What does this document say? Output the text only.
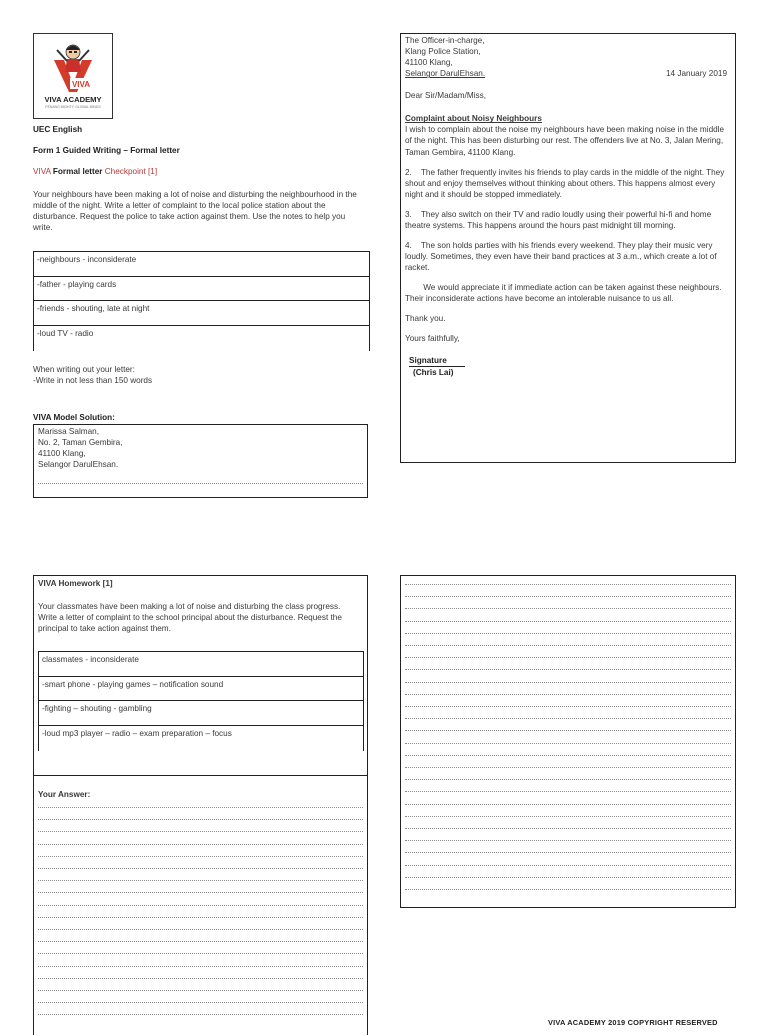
VIVA
VIVA ACADEMY
PENANG MIGHTY, GLOBAL MINDS
UEC English
Form 1 Guided Writing – Formal letter
VIVA Formal letter Checkpoint [1]
Your neighbours have been making a lot of noise and disturbing the neighbourhood in the middle of the night. Write a letter of complaint to the local police station about the disturbance. Request the police to take action against them. Use the notes to help you write.
-neighbours - inconsiderate
-father - playing cards
-friends - shouting, late at night
-loud TV - radio
When writing out your letter:
-Write in not less than 150 words
VIVA Model Solution:
Marissa Salman,
No. 2, Taman Gembira,
41100 Klang,
Selangor DarulEhsan.
The Officer-in-charge,
Klang Police Station,
41100 Klang,
Selangor DarulEhsan.	14 January 2019
Dear Sir/Madam/Miss,
Complaint about Noisy Neighbours
I wish to complain about the noise my neighbours have been making noise in the middle of the night. This has been disturbing our rest. The offenders live at No. 3, Jalan Mering, Taman Gembira, 41100 Klang.
2.    The father frequently invites his friends to play cards in the middle of the night. They shout and enjoy themselves without thinking about others. This happens almost every night and it should be stopped immediately.
3.    They also switch on their TV and radio loudly using their powerful hi-fi and home theatre systems. This happens around the hours past midnight till morning.
4.    The son holds parties with his friends every weekend. They play their music very loudly. Sometimes, they even have their band practices at 3 a.m., which create a lot of racket.
We would appreciate it if immediate action can be taken against these neighbours. Their inconsiderate actions have become an intolerable nuisance to us all.
Thank you.
Yours faithfully,
Signature
(Chris Lai)
VIVA Homework [1]
Your classmates have been making a lot of noise and disturbing the class progress. Write a letter of complaint to the school principal about the disturbance. Request the principal to take action against them.
classmates - inconsiderate
-smart phone - playing games – notification sound
-fighting – shouting - gambling
-loud mp3 player – radio – exam preparation – focus
Your Answer:
VIVA ACADEMY 2019 COPYRIGHT RESERVED
